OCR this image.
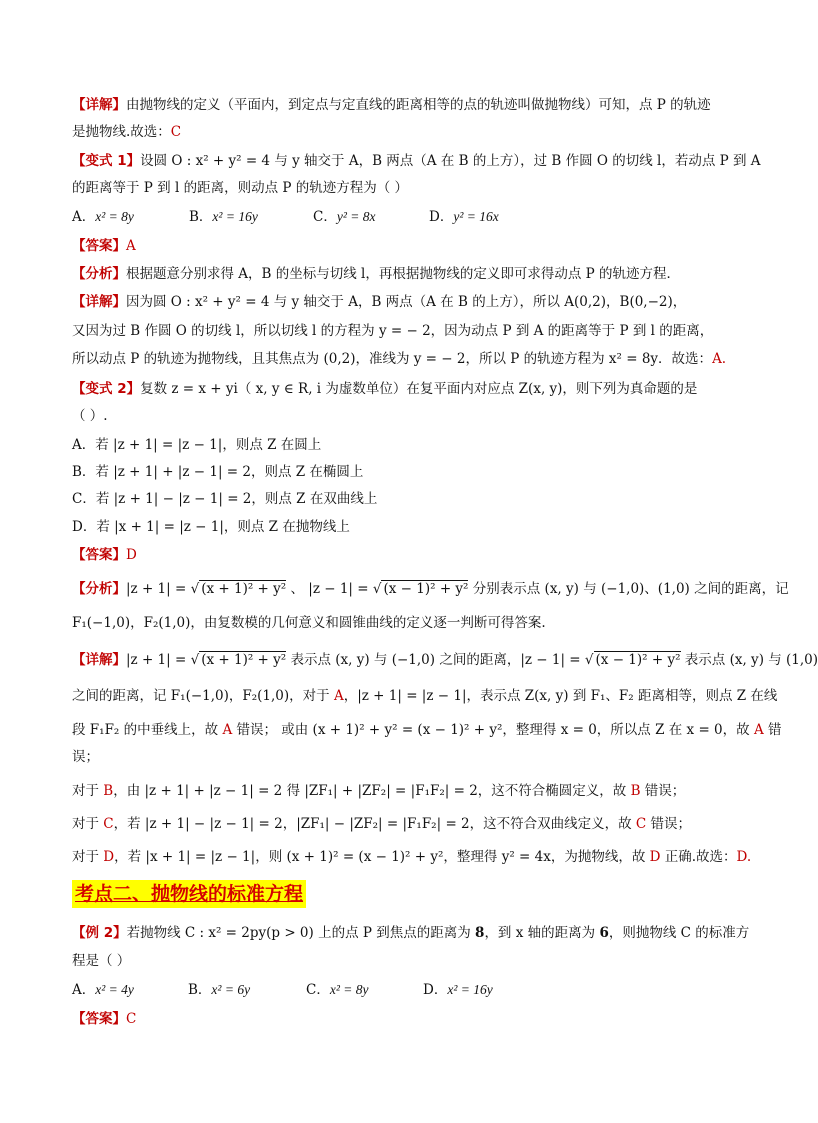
【详解】由抛物线的定义（平面内，到定点与定直线的距离相等的点的轨迹叫做抛物线）可知，点 P 的轨迹
是抛物线.故选：C
【变式 1】设圆 O : x² + y² = 4 与 y 轴交于 A，B 两点（A 在 B 的上方），过 B 作圆 O 的切线 l，若动点 P 到 A
的距离等于 P 到 l 的距离，则动点 P 的轨迹方程为（ ）
A．x² = 8y	B．x² = 16y	C．y² = 8x	D．y² = 16x
【答案】A
【分析】根据题意分别求得 A，B 的坐标与切线 l，再根据抛物线的定义即可求得动点 P 的轨迹方程．
【详解】因为圆 O : x² + y² = 4 与 y 轴交于 A，B 两点（A 在 B 的上方），所以 A(0,2)，B(0,−2)，
又因为过 B 作圆 O 的切线 l，所以切线 l 的方程为 y = − 2，因为动点 P 到 A 的距离等于 P 到 l 的距离，
所以动点 P 的轨迹为抛物线，且其焦点为 (0,2)，准线为 y = − 2，所以 P 的轨迹方程为 x² = 8y．故选：A.
【变式 2】复数 z = x + yi（ x, y ∈ R, i 为虚数单位）在复平面内对应点 Z(x, y)，则下列为真命题的是
（ ）.
A．若 |z + 1| = |z − 1|，则点 Z 在圆上
B．若 |z + 1| + |z − 1| = 2，则点 Z 在椭圆上
C．若 |z + 1| − |z − 1| = 2，则点 Z 在双曲线上
D．若 |x + 1| = |z − 1|，则点 Z 在抛物线上
【答案】D
【分析】|z + 1| = √ (x + 1)² + y² 、 |z − 1| = √ (x − 1)² + y² 分别表示点 (x, y) 与 (−1,0)、(1,0) 之间的距离，记
F₁(−1,0)，F₂(1,0)，由复数模的几何意义和圆锥曲线的定义逐一判断可得答案.
【详解】|z + 1| = √ (x + 1)² + y² 表示点 (x, y) 与 (−1,0) 之间的距离，|z − 1| = √ (x − 1)² + y² 表示点 (x, y) 与 (1,0)
之间的距离，记 F₁(−1,0)，F₂(1,0)，对于 A，|z + 1| = |z − 1|，表示点 Z(x, y) 到 F₁、F₂ 距离相等，则点 Z 在线
段 F₁F₂ 的中垂线上，故 A 错误； 或由 (x + 1)² + y² = (x − 1)² + y²，整理得 x = 0，所以点 Z 在 x = 0，故 A 错
误；
对于 B，由 |z + 1| + |z − 1| = 2 得 |ZF₁| + |ZF₂| = |F₁F₂| = 2，这不符合椭圆定义，故 B 错误；
对于 C，若 |z + 1| − |z − 1| = 2，|ZF₁| − |ZF₂| = |F₁F₂| = 2，这不符合双曲线定义，故 C 错误；
对于 D，若 |x + 1| = |z − 1|，则 (x + 1)² = (x − 1)² + y²，整理得 y² = 4x，为抛物线，故 D 正确.故选：D.
考点二、抛物线的标准方程
【例 2】若抛物线 C : x² = 2py(p > 0) 上的点 P 到焦点的距离为 8，到 x 轴的距离为 6，则抛物线 C 的标准方
程是（ ）
A．x² = 4y	B．x² = 6y	C．x² = 8y	D．x² = 16y
【答案】C
